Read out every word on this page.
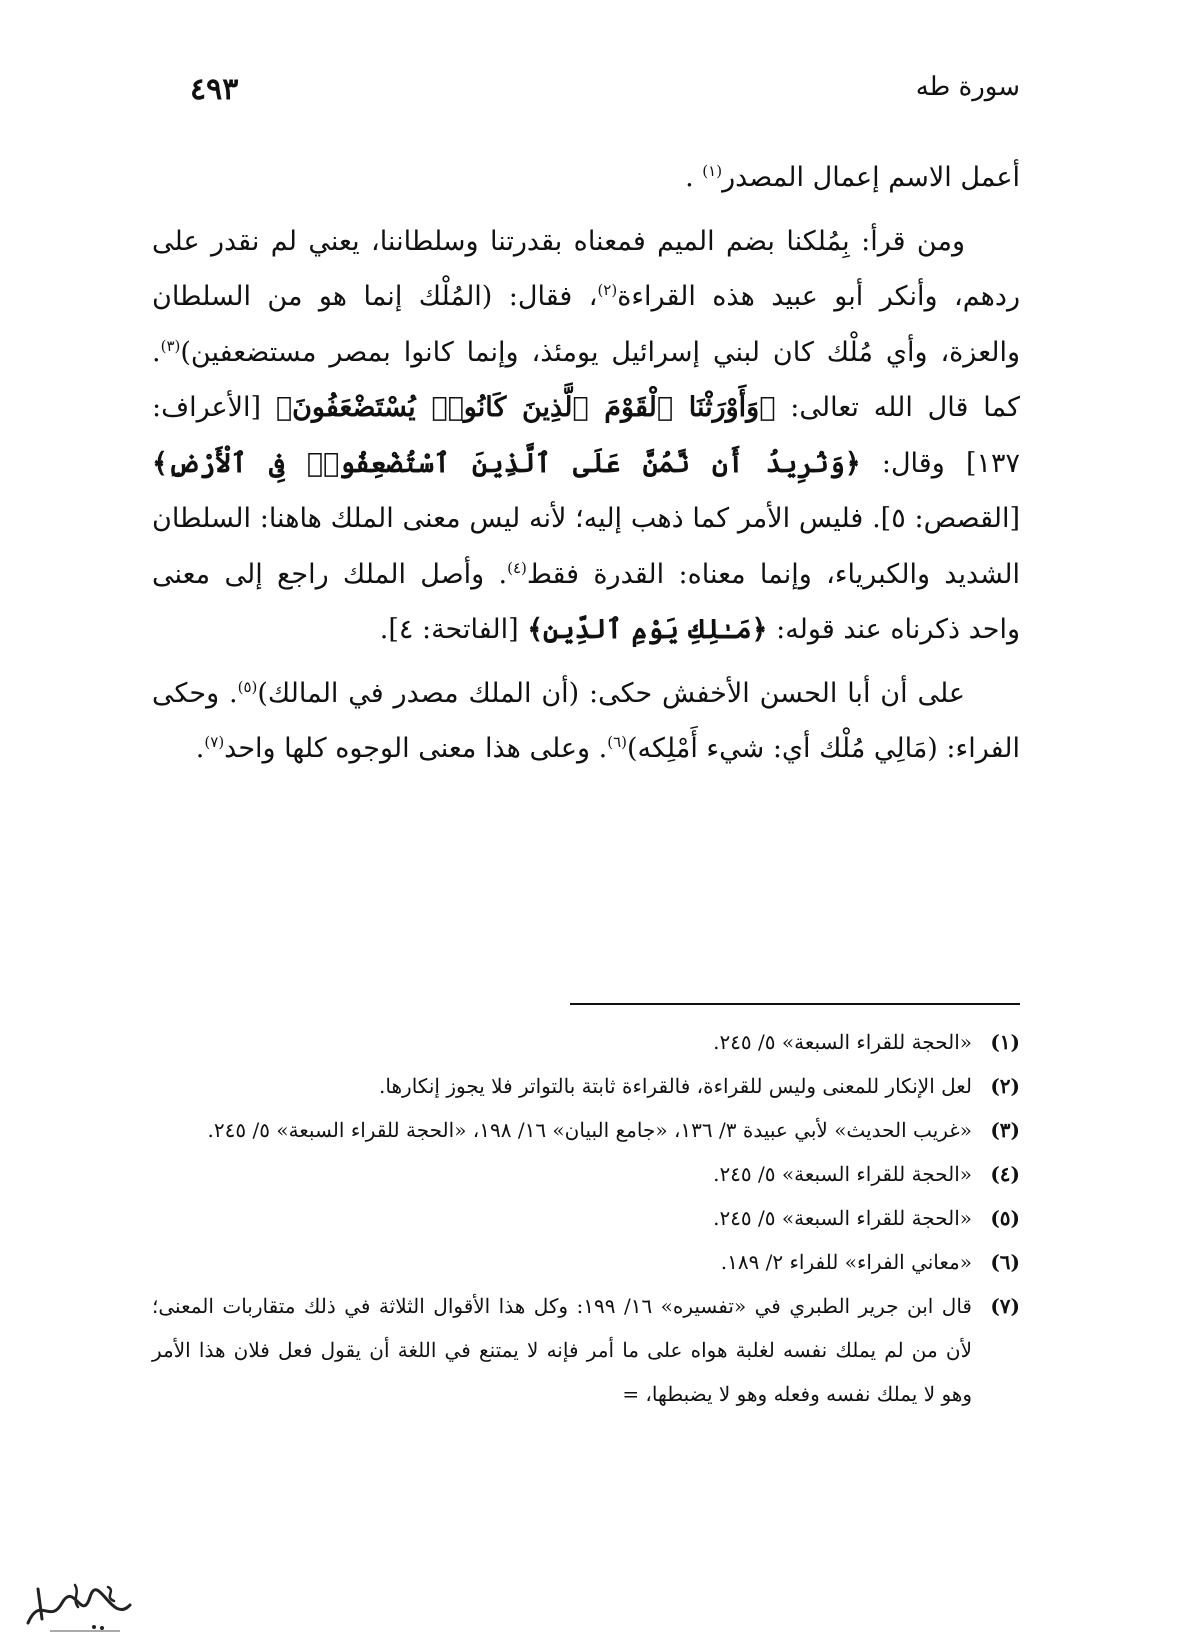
سورة طه
٤٩٣

أعمل الاسم إعمال المصدر$^{(١)}$ .

ومن قرأ: بِمُلكنا بضم الميم فمعناه بقدرتنا وسلطاننا، يعني لم نقدر على ردهم، وأنكر أبو عبيد هذه القراءة$^{(٢)}$، فقال: (المُلْك إنما هو من السلطان والعزة، وأي مُلْك كان لبني إسرائيل يومئذ، وإنما كانوا بمصر مستضعفين)$^{(٣)}$. كما قال الله تعالى: ﴿وَأَوْرَثْنَا ٱلْقَوْمَ ٱلَّذِينَ كَانُوا۟ يُسْتَضْعَفُونَ﴾ [الأعراف: ١٣٧] وقال: ﴿وَنُرِيدُ أَن نَّمُنَّ عَلَى ٱلَّذِينَ ٱسْتُضْعِفُوا۟ فِى ٱلْأَرْضِ﴾ [القصص: ٥]. فليس الأمر كما ذهب إليه؛ لأنه ليس معنى الملك هاهنا: السلطان الشديد والكبرياء، وإنما معناه: القدرة فقط$^{(٤)}$. وأصل الملك راجع إلى معنى واحد ذكرناه عند قوله: ﴿مَـٰلِكِ يَوْمِ ٱلدِّينِ﴾ [الفاتحة: ٤].

على أن أبا الحسن الأخفش حكى: (أن الملك مصدر في المالك)$^{(٥)}$. وحكى الفراء: (مَالِي مُلْك أي: شيء أَمْلِكه)$^{(٦)}$. وعلى هذا معنى الوجوه كلها واحد$^{(٧)}$.

(١)
«الحجة للقراء السبعة» ٥/ ٢٤٥.
(٢)
لعل الإنكار للمعنى وليس للقراءة، فالقراءة ثابتة بالتواتر فلا يجوز إنكارها.
(٣)
«غريب الحديث» لأبي عبيدة ٣/ ١٣٦، «جامع البيان» ١٦/ ١٩٨، «الحجة للقراء السبعة» ٥/ ٢٤٥.
(٤)
«الحجة للقراء السبعة» ٥/ ٢٤٥.
(٥)
«الحجة للقراء السبعة» ٥/ ٢٤٥.
(٦)
«معاني الفراء» للفراء ٢/ ١٨٩.
(٧)
قال ابن جرير الطبري في «تفسيره» ١٦/ ١٩٩: وكل هذا الأقوال الثلاثة في ذلك متقاربات المعنى؛ لأن من لم يملك نفسه لغلبة هواه على ما أمر فإنه لا يمتنع في اللغة أن يقول فعل فلان هذا الأمر وهو لا يملك نفسه وفعله وهو لا يضبطها، =
